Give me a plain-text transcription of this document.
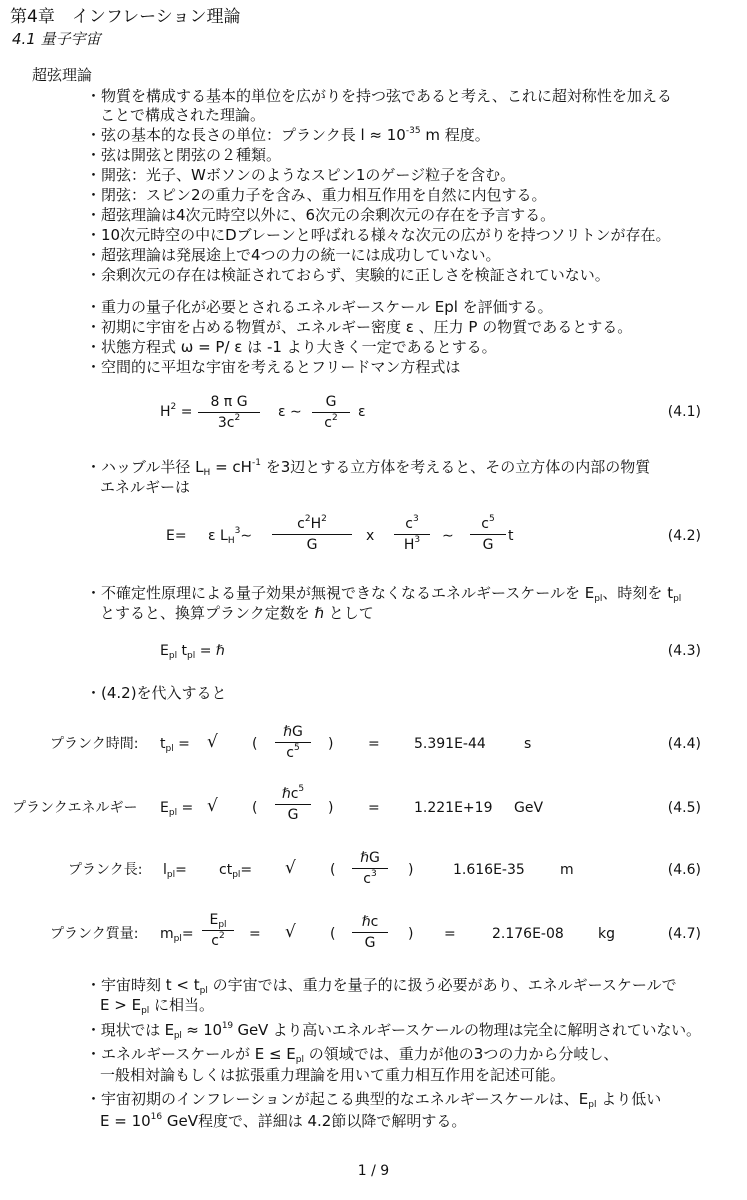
第4章　インフレーション理論
4.1 量子宇宙
超弦理論
・物質を構成する基本的単位を広がりを持つ弦であると考え、これに超対称性を加える
ことで構成された理論。
・弦の基本的な長さの単位：プランク長 $l \approx 10^{-35}$ m 程度。
・弦は開弦と閉弦の２種類。
・開弦：光子、Wボソンのようなスピン1のゲージ粒子を含む。
・閉弦：スピン2の重力子を含み、重力相互作用を自然に内包する。
・超弦理論は4次元時空以外に、6次元の余剰次元の存在を予言する。
・10次元時空の中にDブレーンと呼ばれる様々な次元の広がりを持つソリトンが存在。
・超弦理論は発展途上で4つの力の統一には成功していない。
・余剰次元の存在は検証されておらず、実験的に正しさを検証されていない。
・重力の量子化が必要とされるエネルギースケール Epl を評価する。
・初期に宇宙を占める物質が、エネルギー密度 ε 、圧力 P の物質であるとする。
・状態方程式 ω = P/ ε は -1 より大きく一定であるとする。
・空間的に平坦な宇宙を考えるとフリードマン方程式は
$H^2$ =
8 π G
$3c^2$	ε ∼
G
$c^2$	ε	(4.1)
・ハッブル半径 $L_H = cH^{-1}$ を3辺とする立方体を考えると、その立方体の内部の物質
エネルギーは
E= ε $L_H^3\sim$
$c^2H^2$
G
x
$c^3$
$H^3$	∼
$c^5$
G
t	(4.2)
・不確定性原理による量子効果が無視できなくなるエネルギースケールを $E_{pl}$、時刻を $t_{pl}$
とすると、換算プランク定数を ℏ として
$E_{pl}$ $t_{pl}$ = ℏ	(4.3)
・(4.2)を代入すると
プランク時間: $t_{pl}$ = √ (
ℏG
$c^5$	) = 5.391E-44	s	(4.4)
プランクエネルギー $E_{pl}$ = √ (
ℏc$^5$
G	) = 1.221E+19 GeV	(4.5)
プランク長: $l_{pl}= ct_{pl}=$ √ (
ℏG
$c^3$	)	1.616E-35	m	(4.6)
プランク質量: $m_{pl}=$
$E_{pl}$
$c^2$	= √ (
ℏc
G
) =	2.176E-08 kg	(4.7)
・宇宙時刻 $t < t_{pl}$ の宇宙では、重力を量子的に扱う必要があり、エネルギースケールで
$E > E_{pl}$ に相当。
・現状では $E_{pl} \approx 10^{19}$ GeV より高いエネルギースケールの物理は完全に解明されていない。
・エネルギースケールが $E \le E_{pl}$ の領域では、重力が他の3つの力から分岐し、
一般相対論もしくは拡張重力理論を用いて重力相互作用を記述可能。
・宇宙初期のインフレーションが起こる典型的なエネルギースケールは、$E_{pl}$ より低い
$E = 10^{16}$ GeV程度で、詳細は 4.2節以降で解明する。
1 / 9
